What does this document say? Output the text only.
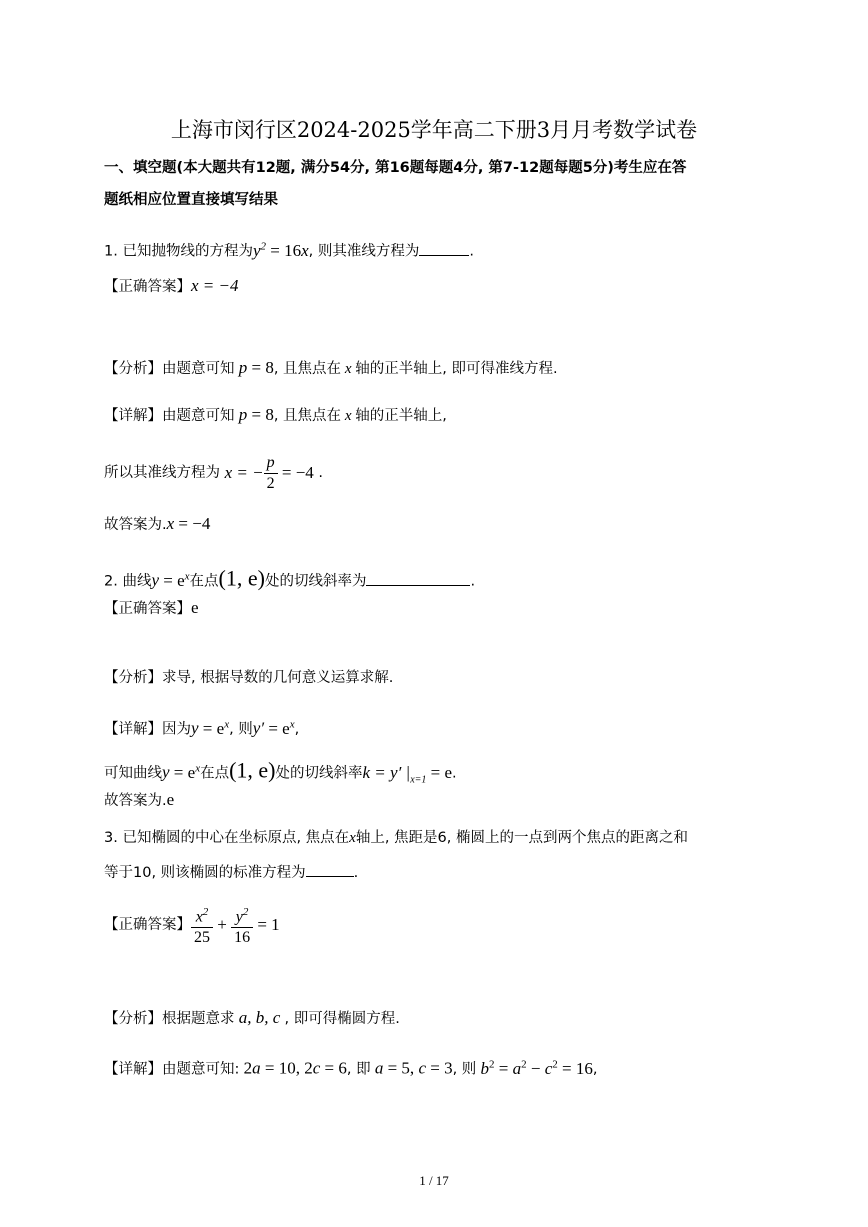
上海市闵行区2024-2025学年高二下册3月月考数学试卷
一、填空题(本大题共有12题, 满分54分, 第16题每题4分, 第7-12题每题5分)考生应在答
题纸相应位置直接填写结果
1. 已知抛物线的方程为$y^2 = 16x$, 则其准线方程为	.
【正确答案】x = −4
【分析】由题意可知 p = 8, 且焦点在 x 轴的正半轴上, 即可得准线方程.
【详解】由题意可知 p = 8, 且焦点在 x 轴的正半轴上,
所以其准线方程为 x = − $\frac{p}{2} = -4$ .
故答案为.x = −4
2. 曲线$y = e^x$在点(1, e)处的切线斜率为	.
【正确答案】e
【分析】求导, 根据导数的几何意义运算求解.
【详解】因为$y = e^x$, 则$y' = e^x$,
可知曲线$y = e^x$在点(1, e)处的切线斜率k = y′ $|_{x=1} = e$.
故答案为.e
3. 已知椭圆的中心在坐标原点, 焦点在x轴上, 焦距是6, 椭圆上的一点到两个焦点的距离之和
等于10, 则该椭圆的标准方程为	.
【正确答案】 $\frac{x^2}{25} + \frac{y^2}{16} = 1$
【分析】根据题意求 a, b, c , 即可得椭圆方程.
【详解】由题意可知: 2a = 10, 2c = 6, 即 a = 5, c = 3, 则 $b^2 = a^2 - c^2 = 16$,
1 / 17
